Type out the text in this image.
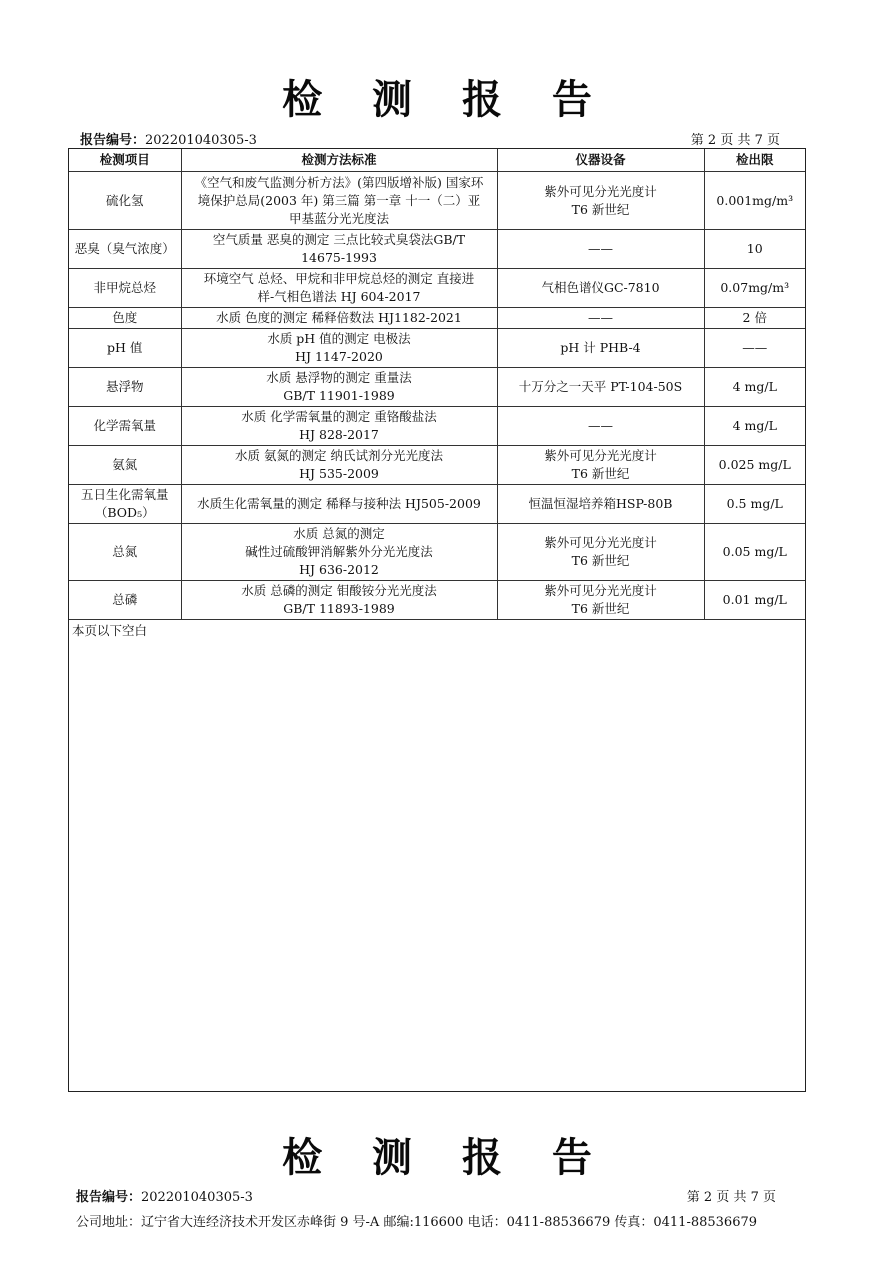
检 测 报 告
报告编号：202201040305-3	第 2 页 共 7 页
检测项目	检测方法标准	仪器设备	检出限

硫化氢	《空气和废气监测分析方法》(第四版增补版) 国家环
境保护总局(2003 年) 第三篇 第一章 十一（二）亚
甲基蓝分光光度法	紫外可见分光光度计
T6 新世纪	0.001mg/m³

恶臭（臭气浓度）	空气质量 恶臭的测定 三点比较式臭袋法GB/T
14675-1993	——	10

非甲烷总烃	环境空气 总烃、甲烷和非甲烷总烃的测定 直接进
样-气相色谱法 HJ 604-2017	气相色谱仪GC-7810	0.07mg/m³

色度	水质 色度的测定 稀释倍数法 HJ1182-2021	——	2 倍

pH 值	水质 pH 值的测定 电极法
HJ 1147-2020	pH 计 PHB-4	——

悬浮物	水质 悬浮物的测定 重量法
GB/T 11901-1989	十万分之一天平 PT-104-50S	4 mg/L

化学需氧量	水质 化学需氧量的测定 重铬酸盐法
HJ 828-2017	——	4 mg/L

氨氮	水质 氨氮的测定 纳氏试剂分光光度法
HJ 535-2009	紫外可见分光光度计
T6 新世纪	0.025 mg/L

五日生化需氧量
（BOD₅）	水质生化需氧量的测定 稀释与接种法 HJ505-2009	恒温恒湿培养箱HSP-80B	0.5 mg/L

总氮	水质 总氮的测定
碱性过硫酸钾消解紫外分光光度法
HJ 636-2012	紫外可见分光光度计
T6 新世纪	0.05 mg/L

总磷	水质 总磷的测定 钼酸铵分光光度法
GB/T 11893-1989	紫外可见分光光度计
T6 新世纪	0.01 mg/L
本页以下空白
检 测 报 告
报告编号：202201040305-3	第 2 页 共 7 页
公司地址：辽宁省大连经济技术开发区赤峰街 9 号-A 邮编:116600 电话：0411-88536679 传真：0411-88536679
